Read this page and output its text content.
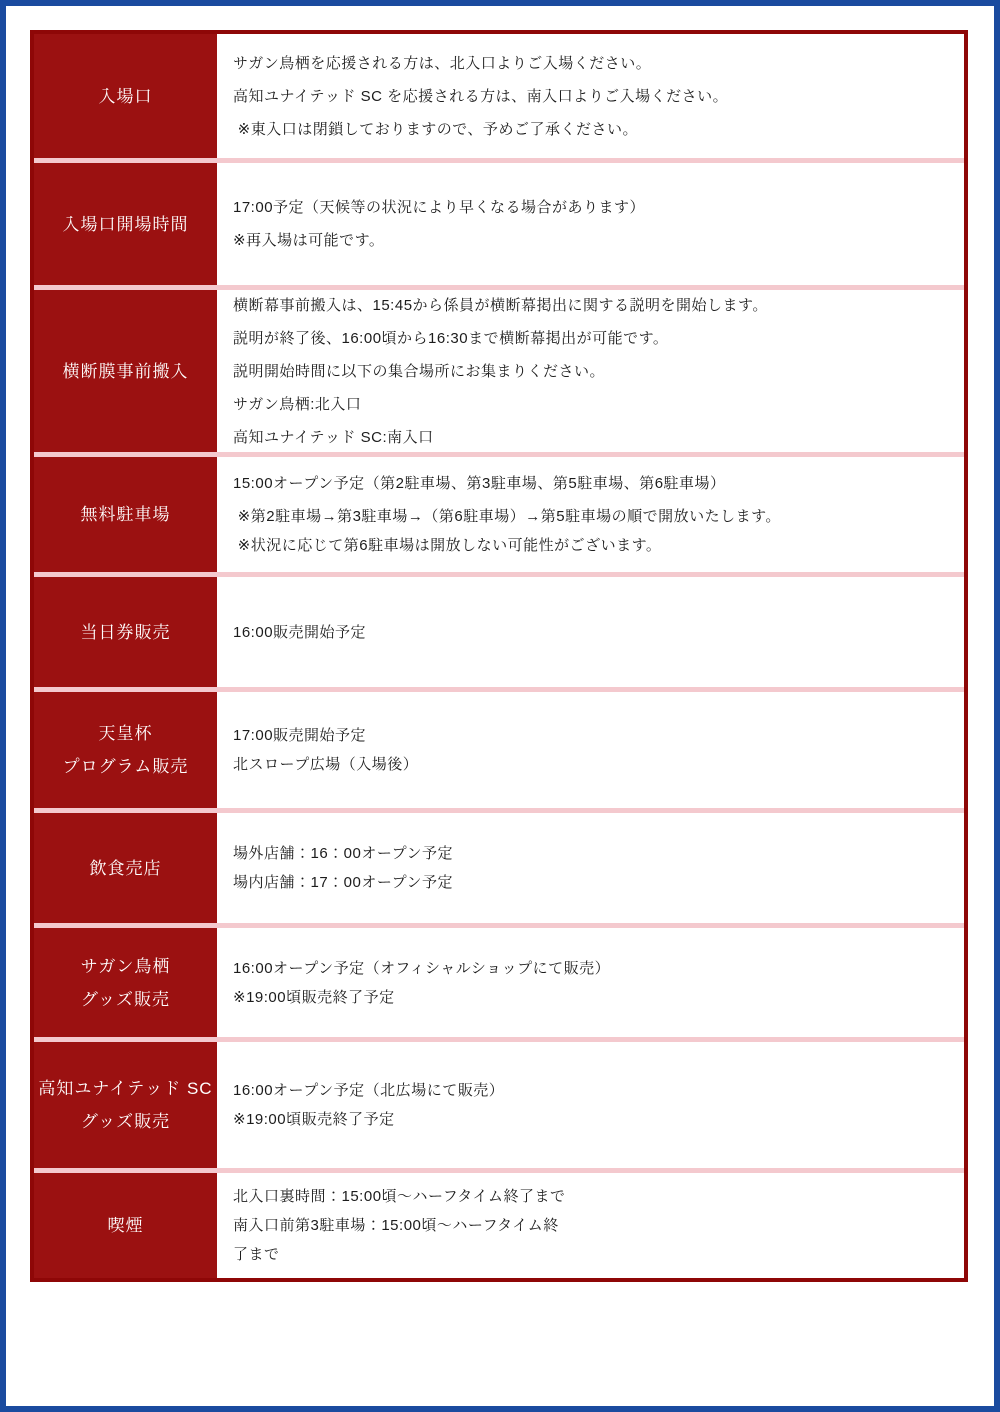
入場口

サガン鳥栖を応援される方は、北入口よりご入場ください。

高知ユナイテッド SC を応援される方は、南入口よりご入場ください。

※東入口は閉鎖しておりますので、予めご了承ください。

入場口開場時間

17:00予定（天候等の状況により早くなる場合があります）

※再入場は可能です。

横断膜事前搬入

横断幕事前搬入は、15:45から係員が横断幕掲出に関する説明を開始します。

説明が終了後、16:00頃から16:30まで横断幕掲出が可能です。

説明開始時間に以下の集合場所にお集まりください。

サガン鳥栖:北入口

高知ユナイテッド SC:南入口

無料駐車場

15:00オープン予定（第2駐車場、第3駐車場、第5駐車場、第6駐車場）

※第2駐車場→第3駐車場→（第6駐車場）→第5駐車場の順で開放いたします。
※状況に応じて第6駐車場は開放しない可能性がございます。

当日券販売	16:00販売開始予定

天皇杯
プログラム販売

17:00販売開始予定
北スロープ広場（入場後）

飲食売店

場外店舗：16：00オープン予定
場内店舗：17：00オープン予定

サガン鳥栖
グッズ販売

16:00オープン予定（オフィシャルショップにて販売）
※19:00頃販売終了予定

高知ユナイテッド SC
グッズ販売

16:00オープン予定（北広場にて販売）
※19:00頃販売終了予定

喫煙

北入口裏時間：15:00頃～ハーフタイム終了まで
南入口前第3駐車場：15:00頃～ハーフタイム終
了まで
